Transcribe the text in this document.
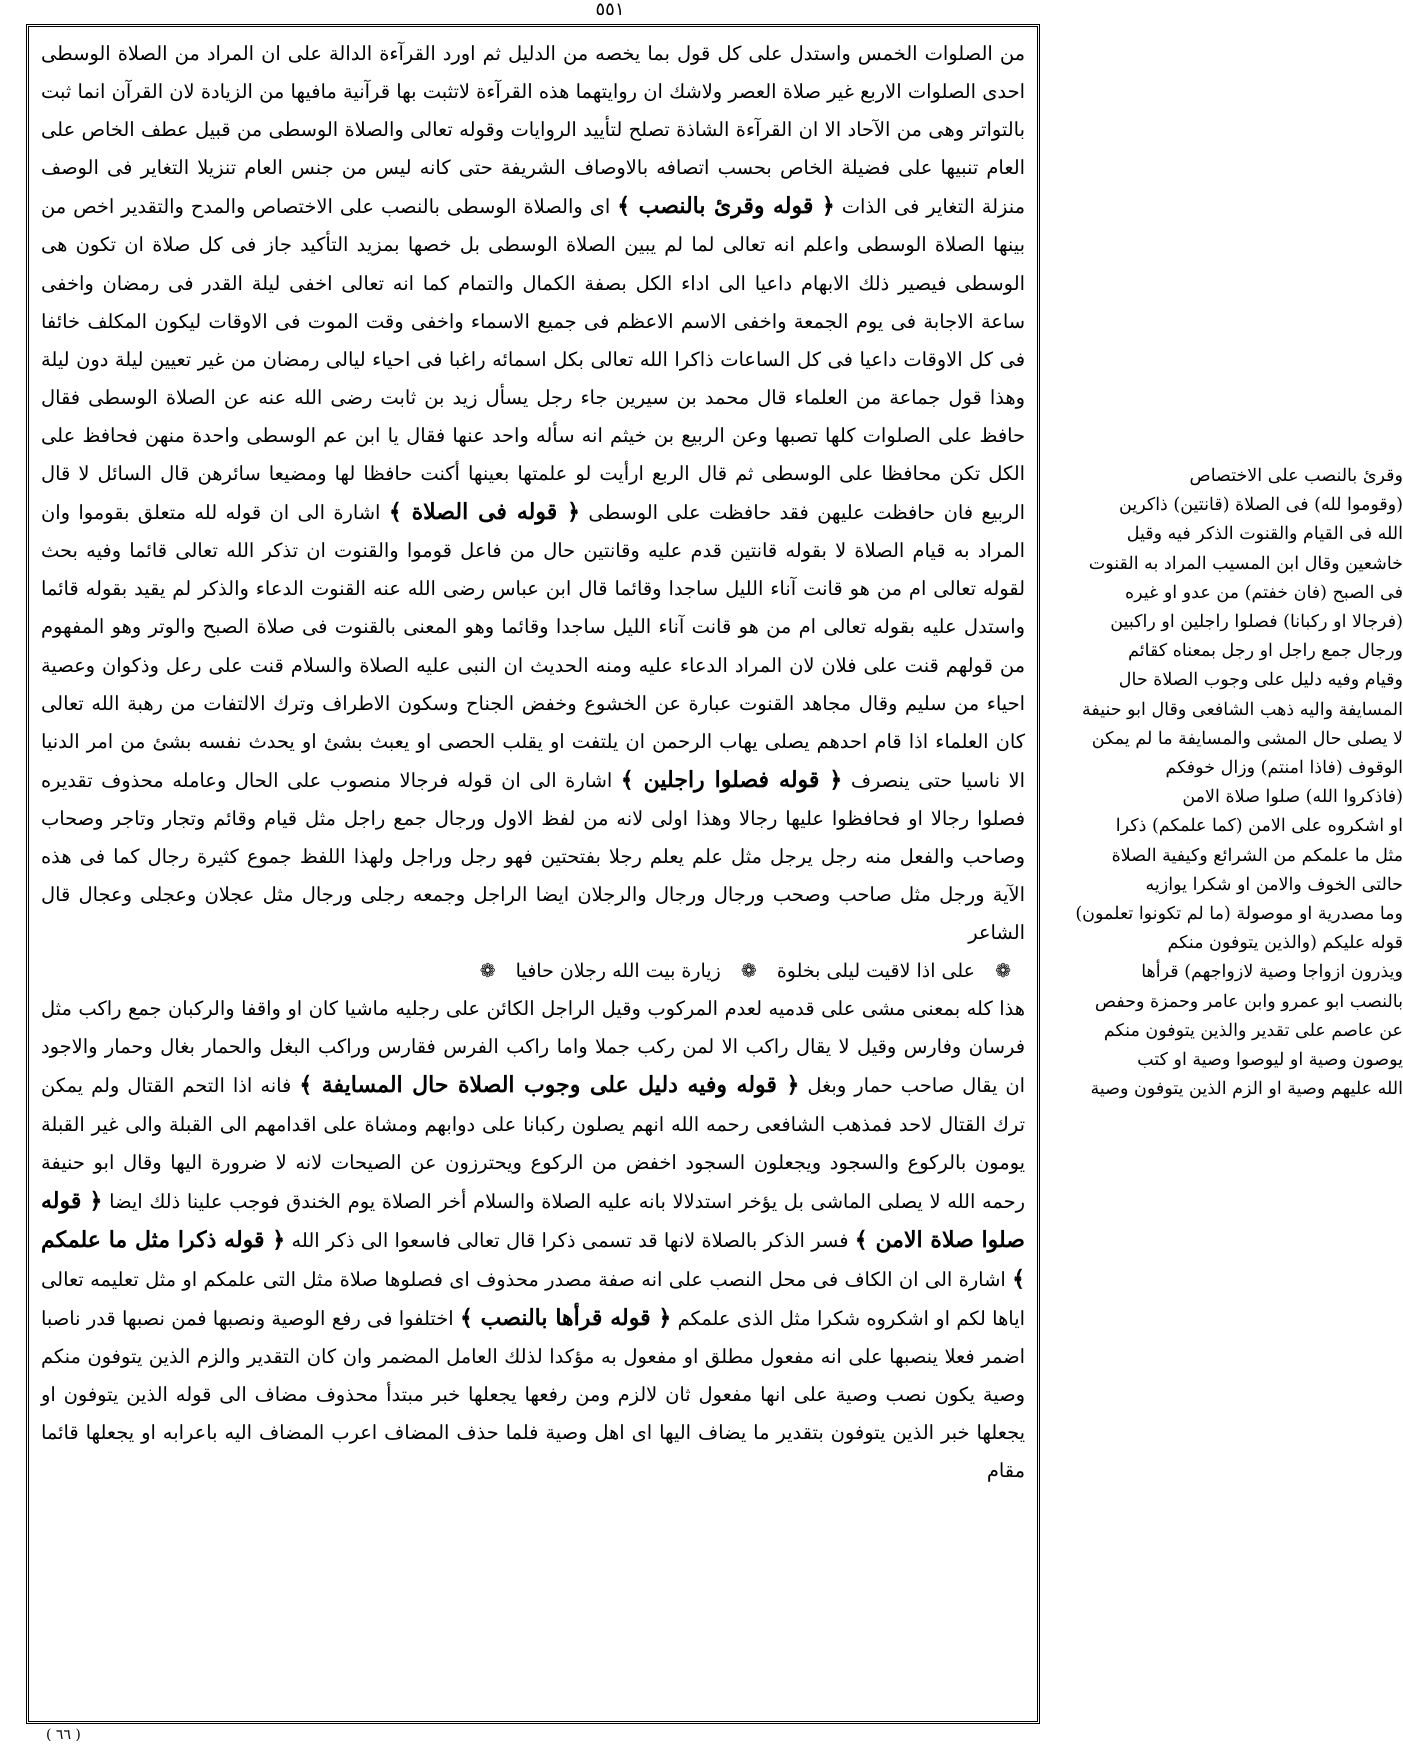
٥٥١

من الصلوات الخمس واستدل على كل قول بما يخصه من الدليل ثم اورد القرآءة الدالة على ان المراد من الصلاة الوسطى احدى الصلوات الاربع غير صلاة العصر ولاشك ان روايتهما هذه القرآءة لاتثبت بها قرآنية مافيها من الزيادة لان القرآن انما ثبت بالتواتر وهى من الآحاد الا ان القرآءة الشاذة تصلح لتأييد الروايات وقوله تعالى والصلاة الوسطى من قبيل عطف الخاص على العام تنبيها على فضيلة الخاص بحسب اتصافه بالاوصاف الشريفة حتى كانه ليس من جنس العام تنزيلا التغاير فى الوصف منزلة التغاير فى الذات ﴿ قوله وقرئ بالنصب ﴾ اى والصلاة الوسطى بالنصب على الاختصاص والمدح والتقدير اخص من بينها الصلاة الوسطى واعلم انه تعالى لما لم يبين الصلاة الوسطى بل خصها بمزيد التأكيد جاز فى كل صلاة ان تكون هى الوسطى فيصير ذلك الابهام داعيا الى اداء الكل بصفة الكمال والتمام كما انه تعالى اخفى ليلة القدر فى رمضان واخفى ساعة الاجابة فى يوم الجمعة واخفى الاسم الاعظم فى جميع الاسماء واخفى وقت الموت فى الاوقات ليكون المكلف خائفا فى كل الاوقات داعيا فى كل الساعات ذاكرا الله تعالى بكل اسمائه راغبا فى احياء ليالى رمضان من غير تعيين ليلة دون ليلة وهذا قول جماعة من العلماء قال محمد بن سيرين جاء رجل يسأل زيد بن ثابت رضى الله عنه عن الصلاة الوسطى فقال حافظ على الصلوات كلها تصبها وعن الربيع بن خيثم انه سأله واحد عنها فقال يا ابن عم الوسطى واحدة منهن فحافظ على الكل تكن محافظا على الوسطى ثم قال الربع ارأيت لو علمتها بعينها أكنت حافظا لها ومضيعا سائرهن قال السائل لا قال الربيع فان حافظت عليهن فقد حافظت على الوسطى ﴿ قوله فى الصلاة ﴾ اشارة الى ان قوله لله متعلق بقوموا وان المراد به قيام الصلاة لا بقوله قانتين قدم عليه وقانتين حال من فاعل قوموا والقنوت ان تذكر الله تعالى قائما وفيه بحث لقوله تعالى ام من هو قانت آناء الليل ساجدا وقائما قال ابن عباس رضى الله عنه القنوت الدعاء والذكر لم يقيد بقوله قائما واستدل عليه بقوله تعالى ام من هو قانت آناء الليل ساجدا وقائما وهو المعنى بالقنوت فى صلاة الصبح والوتر وهو المفهوم من قولهم قنت على فلان لان المراد الدعاء عليه ومنه الحديث ان النبى عليه الصلاة والسلام قنت على رعل وذكوان وعصية احياء من سليم وقال مجاهد القنوت عبارة عن الخشوع وخفض الجناح وسكون الاطراف وترك الالتفات من رهبة الله تعالى كان العلماء اذا قام احدهم يصلى يهاب الرحمن ان يلتفت او يقلب الحصى او يعبث بشئ او يحدث نفسه بشئ من امر الدنيا الا ناسيا حتى ينصرف ﴿ قوله فصلوا راجلين ﴾ اشارة الى ان قوله فرجالا منصوب على الحال وعامله محذوف تقديره فصلوا رجالا او فحافظوا عليها رجالا وهذا اولى لانه من لفظ الاول ورجال جمع راجل مثل قيام وقائم وتجار وتاجر وصحاب وصاحب والفعل منه رجل يرجل مثل علم يعلم رجلا بفتحتين فهو رجل وراجل ولهذا اللفظ جموع كثيرة رجال كما فى هذه الآية ورجل مثل صاحب وصحب ورجال ورجال والرجلان ايضا الراجل وجمعه رجلى ورجال مثل عجلان وعجلى وعجال قال الشاعر

❁ على اذا لاقيت ليلى بخلوة ❁ زيارة بيت الله رجلان حافيا ❁

هذا كله بمعنى مشى على قدميه لعدم المركوب وقيل الراجل الكائن على رجليه ماشيا كان او واقفا والركبان جمع راكب مثل فرسان وفارس وقيل لا يقال راكب الا لمن ركب جملا واما راكب الفرس فقارس وراكب البغل والحمار بغال وحمار والاجود ان يقال صاحب حمار وبغل ﴿ قوله وفيه دليل على وجوب الصلاة حال المسايفة ﴾ فانه اذا التحم القتال ولم يمكن ترك القتال لاحد فمذهب الشافعى رحمه الله انهم يصلون ركبانا على دوابهم ومشاة على اقدامهم الى القبلة والى غير القبلة يومون بالركوع والسجود ويجعلون السجود اخفض من الركوع ويحترزون عن الصيحات لانه لا ضرورة اليها وقال ابو حنيفة رحمه الله لا يصلى الماشى بل يؤخر استدلالا بانه عليه الصلاة والسلام أخر الصلاة يوم الخندق فوجب علينا ذلك ايضا ﴿ قوله صلوا صلاة الامن ﴾ فسر الذكر بالصلاة لانها قد تسمى ذكرا قال تعالى فاسعوا الى ذكر الله ﴿ قوله ذكرا مثل ما علمكم ﴾ اشارة الى ان الكاف فى محل النصب على انه صفة مصدر محذوف اى فصلوها صلاة مثل التى علمكم او مثل تعليمه تعالى اياها لكم او اشكروه شكرا مثل الذى علمكم ﴿ قوله قرأها بالنصب ﴾ اختلفوا فى رفع الوصية ونصبها فمن نصبها قدر ناصبا اضمر فعلا ينصبها على انه مفعول مطلق او مفعول به مؤكدا لذلك العامل المضمر وان كان التقدير والزم الذين يتوفون منكم وصية يكون نصب وصية على انها مفعول ثان لالزم ومن رفعها يجعلها خبر مبتدأ محذوف مضاف الى قوله الذين يتوفون او يجعلها خبر الذين يتوفون بتقدير ما يضاف اليها اى اهل وصية فلما حذف المضاف اعرب المضاف اليه باعرابه او يجعلها قائما مقام

وقرئ بالنصب على الاختصاص
(وقوموا لله) فى الصلاة (قانتين) ذاكرين
الله فى القيام والقنوت الذكر فيه وقيل
خاشعين وقال ابن المسيب المراد به القنوت
فى الصبح (فان خفتم) من عدو او غيره
(فرجالا او ركبانا) فصلوا راجلين او راكبين
ورجال جمع راجل او رجل بمعناه كقائم
وقيام وفيه دليل على وجوب الصلاة حال
المسايفة واليه ذهب الشافعى وقال ابو حنيفة
لا يصلى حال المشى والمسايفة ما لم يمكن
الوقوف (فاذا امنتم) وزال خوفكم
(فاذكروا الله) صلوا صلاة الامن
او اشكروه على الامن (كما علمكم) ذكرا
مثل ما علمكم من الشرائع وكيفية الصلاة
حالتى الخوف والامن او شكرا يوازيه
وما مصدرية او موصولة (ما لم تكونوا تعلمون)
قوله عليكم (والذين يتوفون منكم
ويذرون ازواجا وصية لازواجهم) قرأها
بالنصب ابو عمرو وابن عامر وحمزة وحفص
عن عاصم على تقدير والذين يتوفون منكم
يوصون وصية او ليوصوا وصية او كتب
الله عليهم وصية او الزم الذين يتوفون وصية
( ٦٦ )
